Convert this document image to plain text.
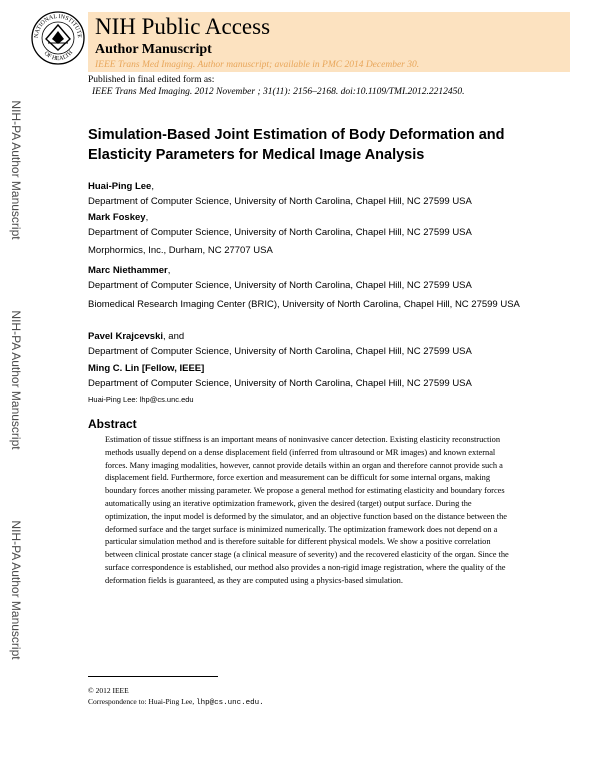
NATIONAL INSTITUTE
OF HEALTH
NIH Public Access
Author Manuscript
IEEE Trans Med Imaging. Author manuscript; available in PMC 2014 December 30.
Published in final edited form as:
IEEE Trans Med Imaging. 2012 November ; 31(11): 2156–2168. doi:10.1109/TMI.2012.2212450.
NIH-PA Author Manuscript
NIH-PA Author Manuscript
NIH-PA Author Manuscript
Simulation-Based Joint Estimation of Body Deformation and Elasticity Parameters for Medical Image Analysis
Huai-Ping Lee,
Department of Computer Science, University of North Carolina, Chapel Hill, NC 27599 USA
Mark Foskey,
Department of Computer Science, University of North Carolina, Chapel Hill, NC 27599 USA
Morphormics, Inc., Durham, NC 27707 USA
Marc Niethammer,
Department of Computer Science, University of North Carolina, Chapel Hill, NC 27599 USA
Biomedical Research Imaging Center (BRIC), University of North Carolina, Chapel Hill, NC 27599 USA
Pavel Krajcevski, and
Department of Computer Science, University of North Carolina, Chapel Hill, NC 27599 USA
Ming C. Lin [Fellow, IEEE]
Department of Computer Science, University of North Carolina, Chapel Hill, NC 27599 USA
Huai-Ping Lee: lhp@cs.unc.edu
Abstract
Estimation of tissue stiffness is an important means of noninvasive cancer detection. Existing elasticity reconstruction methods usually depend on a dense displacement field (inferred from ultrasound or MR images) and known external forces. Many imaging modalities, however, cannot provide details within an organ and therefore cannot provide such a displacement field. Furthermore, force exertion and measurement can be difficult for some internal organs, making boundary forces another missing parameter. We propose a general method for estimating elasticity and boundary forces automatically using an iterative optimization framework, given the desired (target) output surface. During the optimization, the input model is deformed by the simulator, and an objective function based on the distance between the deformed surface and the target surface is minimized numerically. The optimization framework does not depend on a particular simulation method and is therefore suitable for different physical models. We show a positive correlation between clinical prostate cancer stage (a clinical measure of severity) and the recovered elasticity of the organ. Since the surface correspondence is established, our method also provides a non-rigid image registration, where the quality of the deformation fields is guaranteed, as they are computed using a physics-based simulation.
© 2012 IEEE
Correspondence to: Huai-Ping Lee, lhp@cs.unc.edu.
